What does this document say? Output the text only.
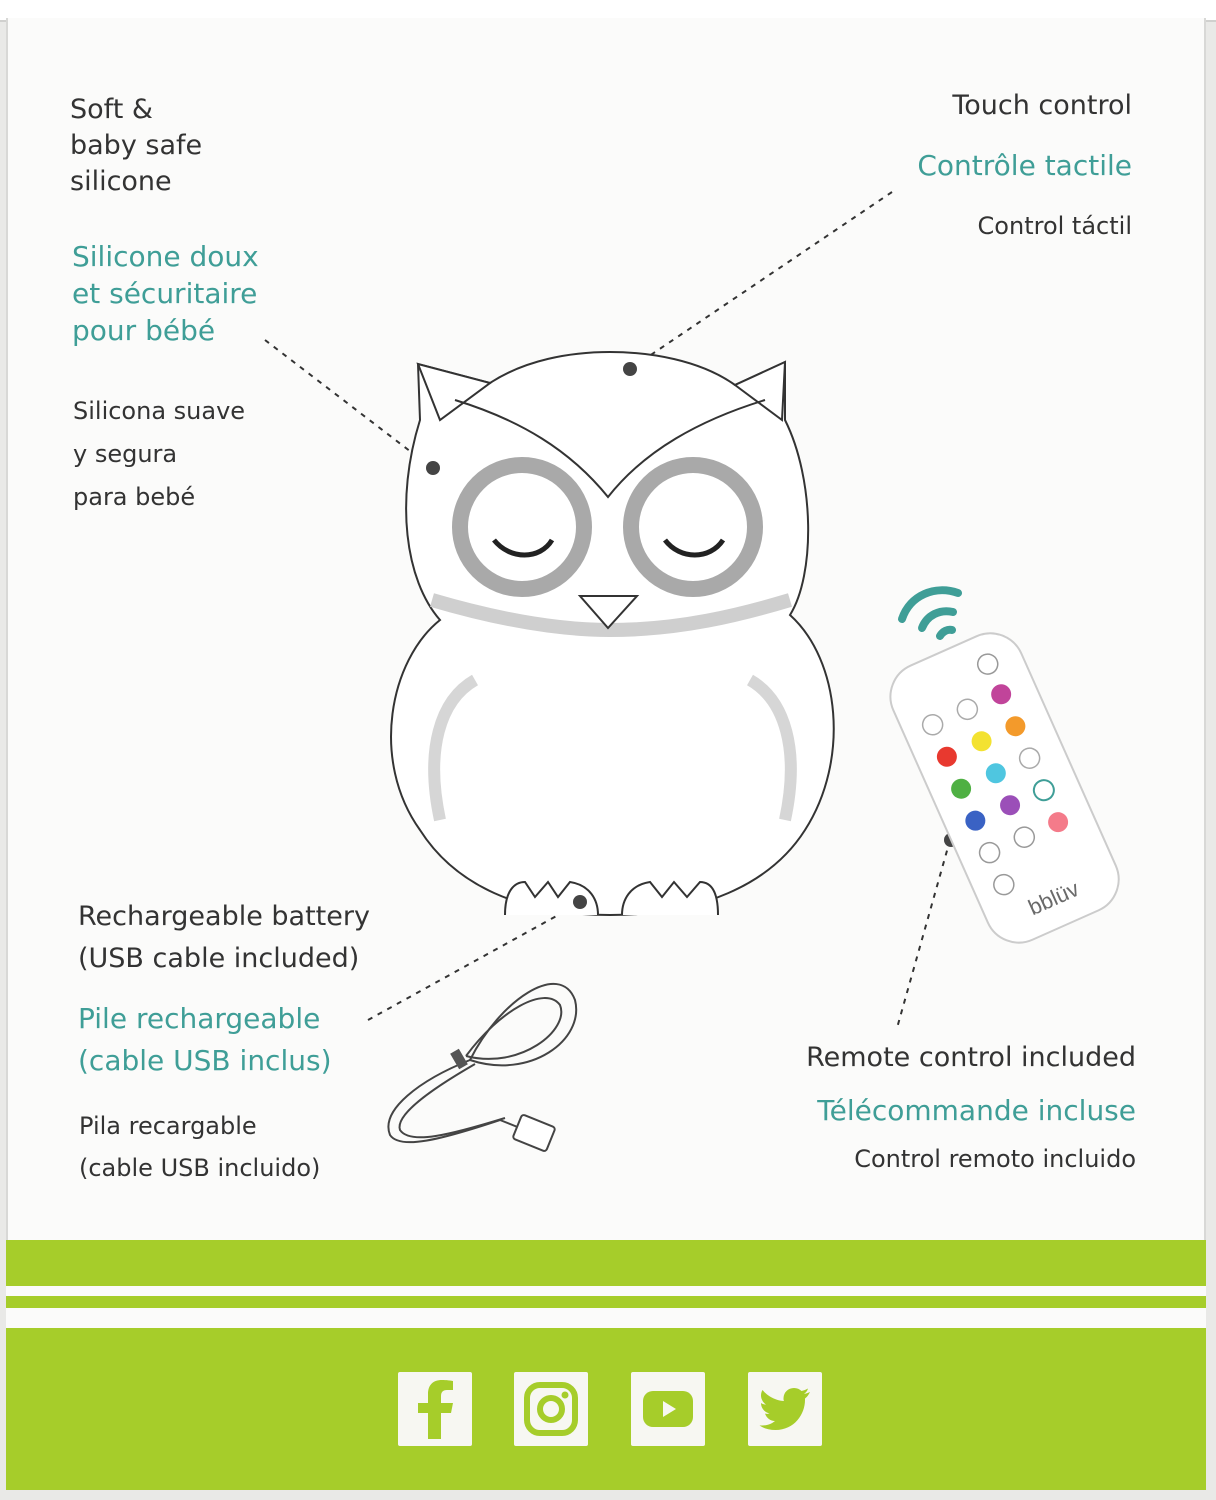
bblüv
Soft &
baby safe
silicone
Silicone doux
et sécuritaire
pour bébé
Silicona suave
y segura
para bebé
Touch control
Contrôle tactile
Control táctil
Rechargeable battery
(USB cable included)
Pile rechargeable
(cable USB inclus)
Pila recargable
(cable USB incluido)
Remote control included
Télécommande incluse
Control remoto incluido
